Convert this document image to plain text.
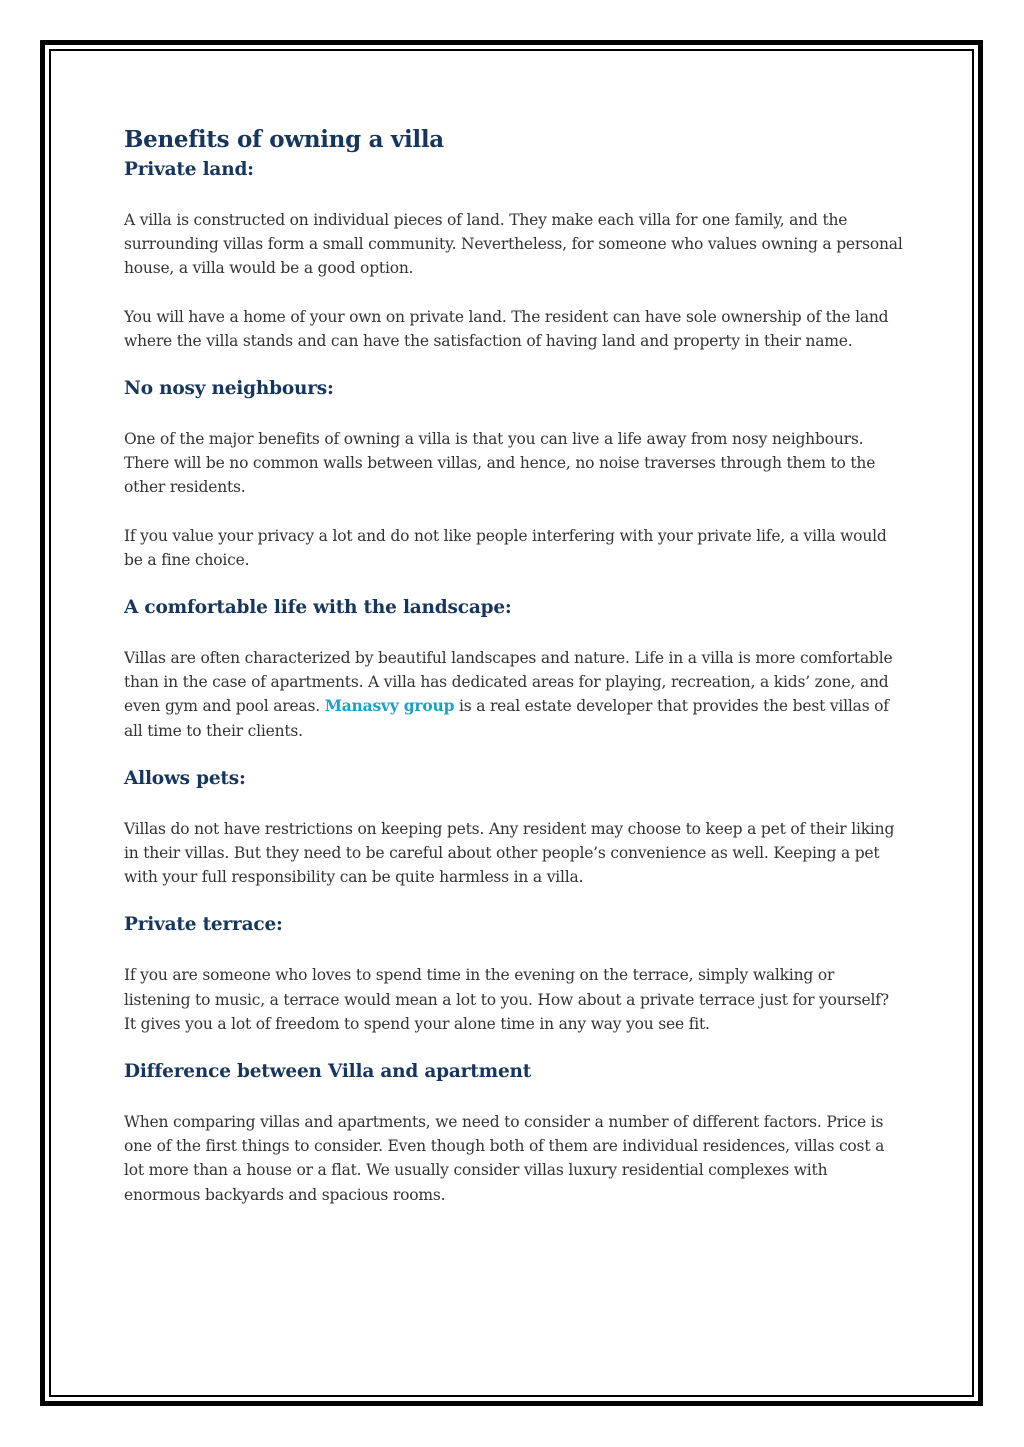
Benefits of owning a villa
Private land:

A villa is constructed on individual pieces of land. They make each villa for one family, and the surrounding villas form a small community. Nevertheless, for someone who values owning a personal house, a villa would be a good option.

You will have a home of your own on private land. The resident can have sole ownership of the land where the villa stands and can have the satisfaction of having land and property in their name.

No nosy neighbours:

One of the major benefits of owning a villa is that you can live a life away from nosy neighbours. There will be no common walls between villas, and hence, no noise traverses through them to the other residents.

If you value your privacy a lot and do not like people interfering with your private life, a villa would be a fine choice.

A comfortable life with the landscape:

Villas are often characterized by beautiful landscapes and nature. Life in a villa is more comfortable than in the case of apartments. A villa has dedicated areas for playing, recreation, a kids’ zone, and even gym and pool areas. Manasvy group is a real estate developer that provides the best villas of all time to their clients.

Allows pets:

Villas do not have restrictions on keeping pets. Any resident may choose to keep a pet of their liking in their villas. But they need to be careful about other people’s convenience as well. Keeping a pet with your full responsibility can be quite harmless in a villa.

Private terrace:

If you are someone who loves to spend time in the evening on the terrace, simply walking or listening to music, a terrace would mean a lot to you. How about a private terrace just for yourself? It gives you a lot of freedom to spend your alone time in any way you see fit.

Difference between Villa and apartment

When comparing villas and apartments, we need to consider a number of different factors. Price is one of the first things to consider. Even though both of them are individual residences, villas cost a lot more than a house or a flat. We usually consider villas luxury residential complexes with enormous backyards and spacious rooms.
